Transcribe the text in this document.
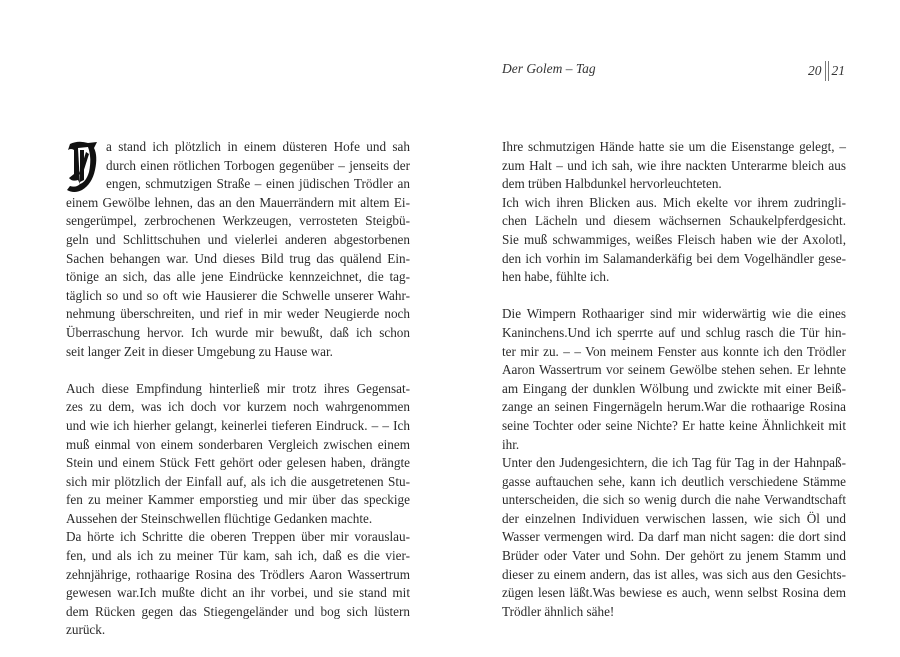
Der Golem – Tag	20 21

a stand ich plötzlich in einem düsteren Hofe und sah
durch einen rötlichen Torbogen gegenüber – jenseits der
engen, schmutzigen Straße – einen jüdischen Trödler an
einem Gewölbe lehnen, das an den Mauerrändern mit altem Ei-
sengerümpel, zerbrochenen Werkzeugen, verrosteten Steigbü-
geln und Schlittschuhen und vielerlei anderen abgestorbenen
Sachen behangen war. Und dieses Bild trug das quälend Ein-
tönige an sich, das alle jene Eindrücke kennzeichnet, die tag-
täglich so und so oft wie Hausierer die Schwelle unserer Wahr-
nehmung überschreiten, und rief in mir weder Neugierde noch
Überraschung hervor. Ich wurde mir bewußt, daß ich schon
seit langer Zeit in dieser Umgebung zu Hause war.

Auch diese Empfindung hinterließ mir trotz ihres Gegensat-
zes zu dem, was ich doch vor kurzem noch wahrgenommen
und wie ich hierher gelangt, keinerlei tieferen Eindruck. – – Ich
muß einmal von einem sonderbaren Vergleich zwischen einem
Stein und einem Stück Fett gehört oder gelesen haben, drängte
sich mir plötzlich der Einfall auf, als ich die ausgetretenen Stu-
fen zu meiner Kammer emporstieg und mir über das speckige
Aussehen der Steinschwellen flüchtige Gedanken machte.

Da hörte ich Schritte die oberen Treppen über mir vorauslau-
fen, und als ich zu meiner Tür kam, sah ich, daß es die vier-
zehnjährige, rothaarige Rosina des Trödlers Aaron Wassertrum
gewesen war.Ich mußte dicht an ihr vorbei, und sie stand mit
dem Rücken gegen das Stiegengeländer und bog sich lüstern
zurück.

Ihre schmutzigen Hände hatte sie um die Eisenstange gelegt, –
zum Halt – und ich sah, wie ihre nackten Unterarme bleich aus
dem trüben Halbdunkel hervorleuchteten.

Ich wich ihren Blicken aus. Mich ekelte vor ihrem zudringli-
chen Lächeln und diesem wächsernen Schaukelpferdgesicht.
Sie muß schwammiges, weißes Fleisch haben wie der Axolotl,
den ich vorhin im Salamanderkäfig bei dem Vogelhändler gese-
hen habe, fühlte ich.

Die Wimpern Rothaariger sind mir widerwärtig wie die eines
Kaninchens.Und ich sperrte auf und schlug rasch die Tür hin-
ter mir zu. – – Von meinem Fenster aus konnte ich den Trödler
Aaron Wassertrum vor seinem Gewölbe stehen sehen. Er lehnte
am Eingang der dunklen Wölbung und zwickte mit einer Beiß-
zange an seinen Fingernägeln herum.War die rothaarige Rosina
seine Tochter oder seine Nichte? Er hatte keine Ähnlichkeit mit
ihr.

Unter den Judengesichtern, die ich Tag für Tag in der Hahnpaß-
gasse auftauchen sehe, kann ich deutlich verschiedene Stämme
unterscheiden, die sich so wenig durch die nahe Verwandtschaft
der einzelnen Individuen verwischen lassen, wie sich Öl und
Wasser vermengen wird. Da darf man nicht sagen: die dort sind
Brüder oder Vater und Sohn. Der gehört zu jenem Stamm und
dieser zu einem andern, das ist alles, was sich aus den Gesichts-
zügen lesen läßt.Was bewiese es auch, wenn selbst Rosina dem
Trödler ähnlich sähe!
